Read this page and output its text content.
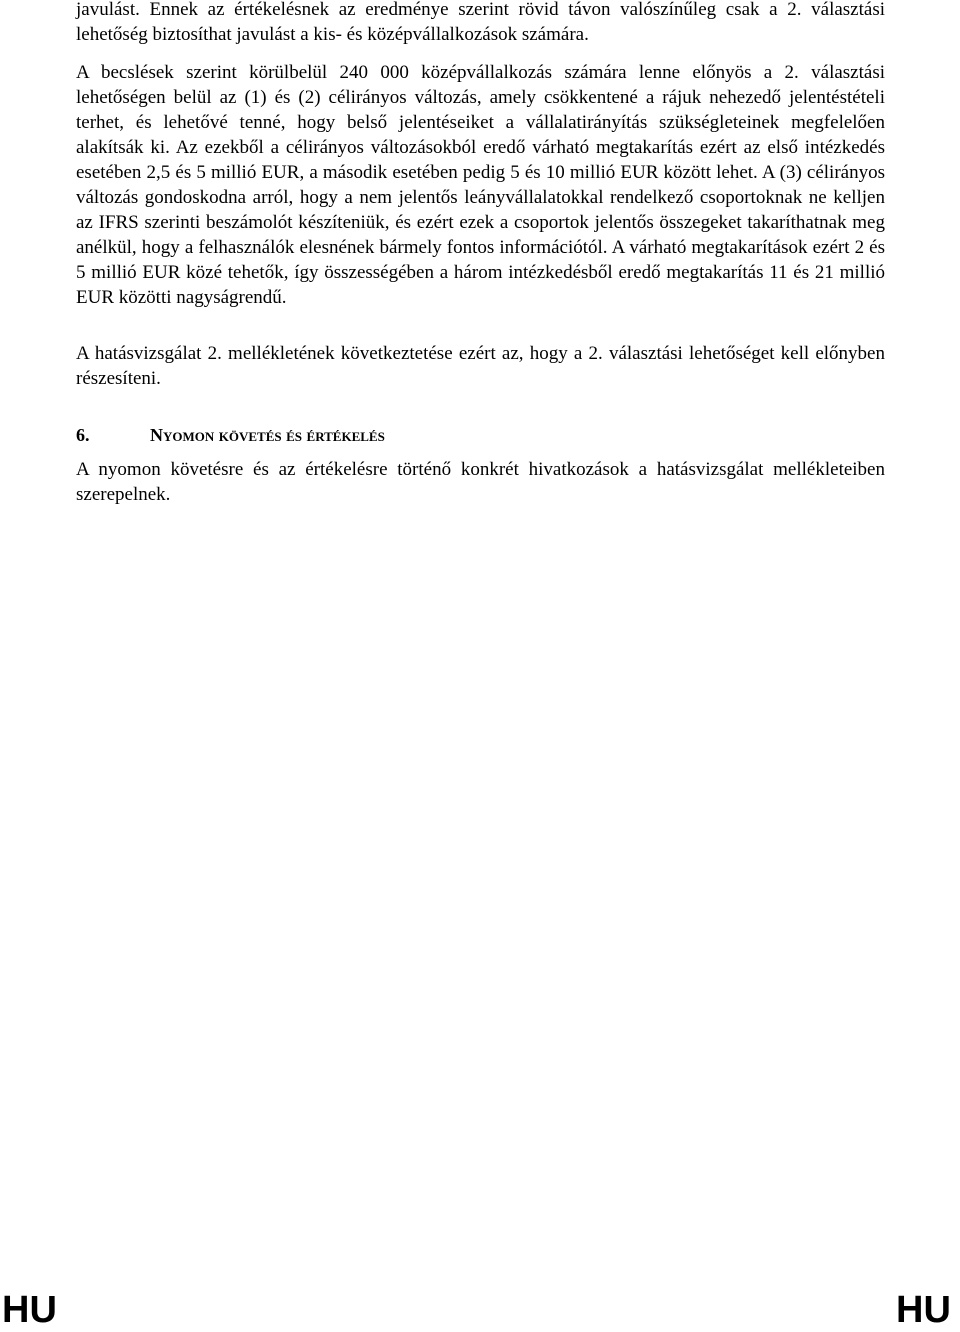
javulást. Ennek az értékelésnek az eredménye szerint rövid távon valószínűleg csak a 2. választási lehetőség biztosíthat javulást a kis- és középvállalkozások számára.

A becslések szerint körülbelül 240 000 középvállalkozás számára lenne előnyös a 2. választási lehetőségen belül az (1) és (2) célirányos változás, amely csökkentené a rájuk nehezedő jelentéstételi terhet, és lehetővé tenné, hogy belső jelentéseiket a vállalatirányítás szükségleteinek megfelelően alakítsák ki. Az ezekből a célirányos változásokból eredő várható megtakarítás ezért az első intézkedés esetében 2,5 és 5 millió EUR, a második esetében pedig 5 és 10 millió EUR között lehet. A (3) célirányos változás gondoskodna arról, hogy a nem jelentős leányvállalatokkal rendelkező csoportoknak ne kelljen az IFRS szerinti beszámolót készíteniük, és ezért ezek a csoportok jelentős összegeket takaríthatnak meg anélkül, hogy a felhasználók elesnének bármely fontos információtól. A várható megtakarítások ezért 2 és 5 millió EUR közé tehetők, így összességében a három intézkedésből eredő megtakarítás 11 és 21 millió EUR közötti nagyságrendű.

A hatásvizsgálat 2. mellékletének következtetése ezért az, hogy a 2. választási lehetőséget kell előnyben részesíteni.

6.	Nyomon követés és értékelés

A nyomon követésre és az értékelésre történő konkrét hivatkozások a hatásvizsgálat mellékleteiben szerepelnek.

HU	HU
